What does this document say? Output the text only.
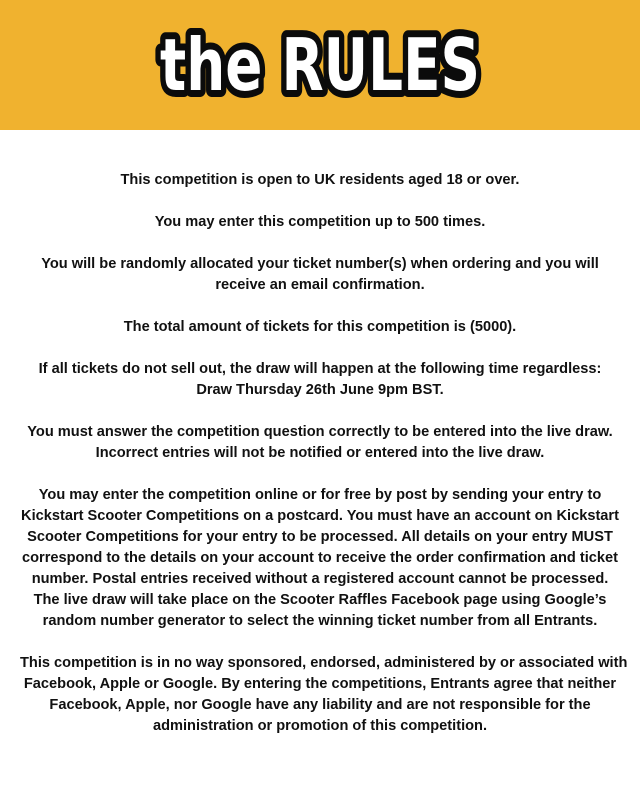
the RULES
This competition is open to UK residents aged 18 or over.
You may enter this competition up to 500 times.
You will be randomly allocated your ticket number(s) when ordering and you will
receive an email confirmation.
The total amount of tickets for this competition is (5000).
If all tickets do not sell out, the draw will happen at the following time regardless:
Draw Thursday 26th June 9pm BST.
You must answer the competition question correctly to be entered into the live draw.
Incorrect entries will not be notified or entered into the live draw.
You may enter the competition online or for free by post by sending your entry to
Kickstart Scooter Competitions on a postcard. You must have an account on Kickstart
Scooter Competitions for your entry to be processed. All details on your entry MUST
correspond to the details on your account to receive the order confirmation and ticket
number. Postal entries received without a registered account cannot be processed.
The live draw will take place on the Scooter Raffles Facebook page using Google’s
random number generator to select the winning ticket number from all Entrants.
This competition is in no way sponsored, endorsed, administered by or associated with
Facebook, Apple or Google. By entering the competitions, Entrants agree that neither
Facebook, Apple, nor Google have any liability and are not responsible for the
administration or promotion of this competition.
